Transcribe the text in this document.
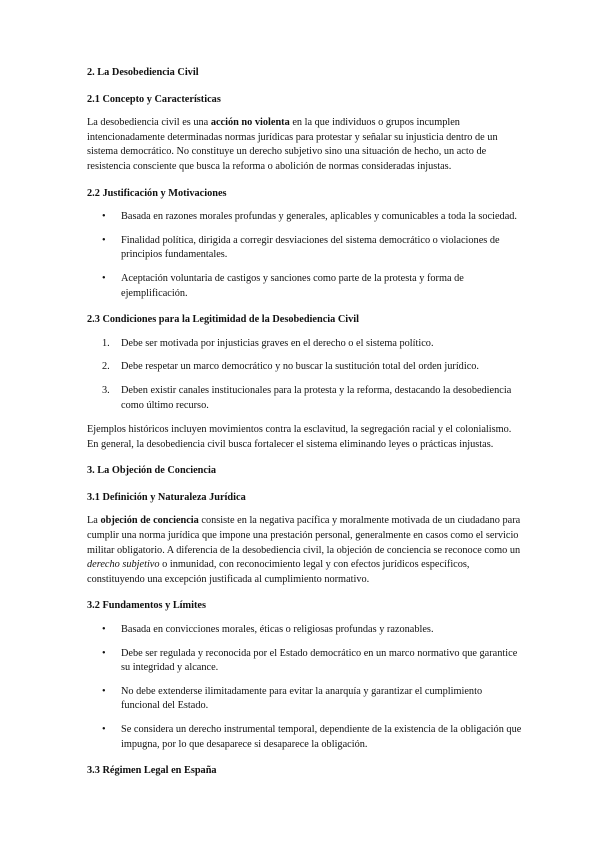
2. La Desobediencia Civil
2.1 Concepto y Características

La desobediencia civil es una acción no violenta en la que individuos o grupos incumplen intencionadamente determinadas normas jurídicas para protestar y señalar su injusticia dentro de un sistema democrático. No constituye un derecho subjetivo sino una situación de hecho, un acto de resistencia consciente que busca la reforma o abolición de normas consideradas injustas.

2.2 Justificación y Motivaciones
• Basada en razones morales profundas y generales, aplicables y comunicables a toda la sociedad.
• Finalidad política, dirigida a corregir desviaciones del sistema democrático o violaciones de principios fundamentales.
• Aceptación voluntaria de castigos y sanciones como parte de la protesta y forma de ejemplificación.
2.3 Condiciones para la Legitimidad de la Desobediencia Civil
1. Debe ser motivada por injusticias graves en el derecho o el sistema político.
2. Debe respetar un marco democrático y no buscar la sustitución total del orden jurídico.
3. Deben existir canales institucionales para la protesta y la reforma, destacando la desobediencia como último recurso.

Ejemplos históricos incluyen movimientos contra la esclavitud, la segregación racial y el colonialismo. En general, la desobediencia civil busca fortalecer el sistema eliminando leyes o prácticas injustas.

3. La Objeción de Conciencia
3.1 Definición y Naturaleza Jurídica

La objeción de conciencia consiste en la negativa pacífica y moralmente motivada de un ciudadano para cumplir una norma jurídica que impone una prestación personal, generalmente en casos como el servicio militar obligatorio. A diferencia de la desobediencia civil, la objeción de conciencia se reconoce como un derecho subjetivo o inmunidad, con reconocimiento legal y con efectos jurídicos específicos, constituyendo una excepción justificada al cumplimiento normativo.

3.2 Fundamentos y Límites
• Basada en convicciones morales, éticas o religiosas profundas y razonables.
• Debe ser regulada y reconocida por el Estado democrático en un marco normativo que garantice su integridad y alcance.
• No debe extenderse ilimitadamente para evitar la anarquía y garantizar el cumplimiento funcional del Estado.
• Se considera un derecho instrumental temporal, dependiente de la existencia de la obligación que impugna, por lo que desaparece si desaparece la obligación.
3.3 Régimen Legal en España
